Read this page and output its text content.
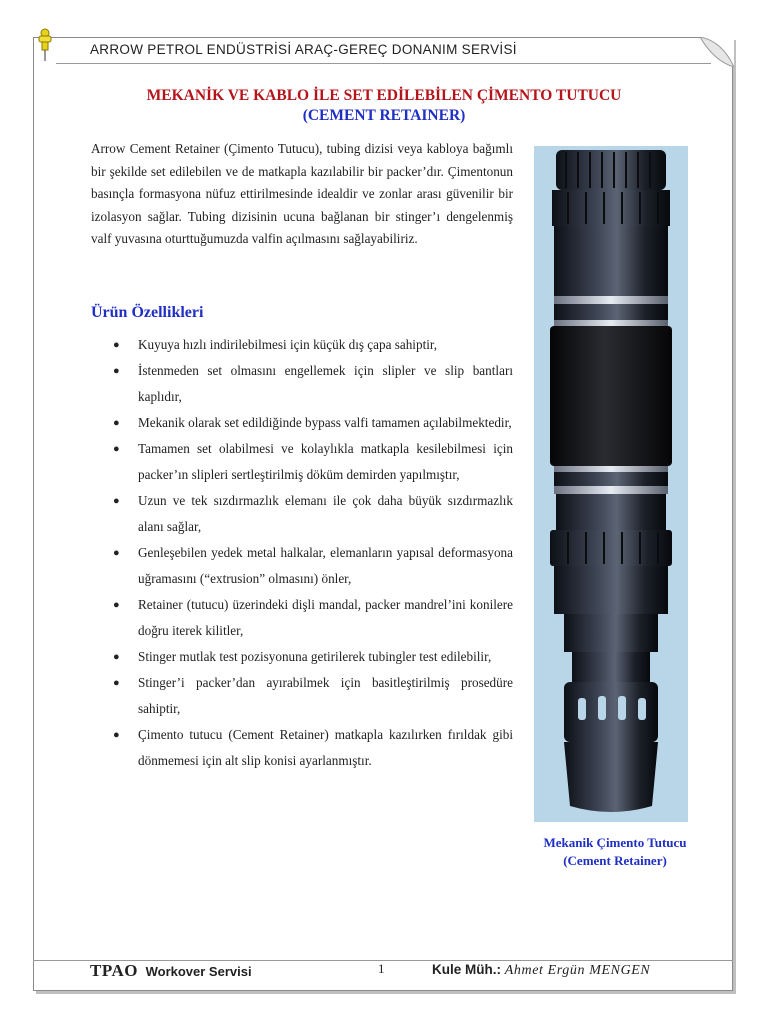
ARROW PETROL ENDÜSTRİSİ ARAÇ-GEREÇ DONANIM SERVİSİ
MEKANİK VE KABLO İLE SET EDİLEBİLEN ÇİMENTO TUTUCU
(CEMENT RETAINER)

Arrow Cement Retainer (Çimento Tutucu), tubing dizisi veya kabloya bağımlı bir şekilde set edilebilen ve de matkapla kazılabilir bir packer’dır. Çimentonun basınçla formasyona nüfuz ettirilmesinde idealdir ve zonlar arası güvenilir bir izolasyon sağlar. Tubing dizisinin ucuna bağlanan bir stinger’ı dengelenmiş valf yuvasına oturttuğumuzda valfin açılmasını sağlayabiliriz.

Ürün Özellikleri
● Kuyuya hızlı indirilebilmesi için küçük dış çapa sahiptir,
● İstenmeden set olmasını engellemek için slipler ve slip bantları kaplıdır,
● Mekanik olarak set edildiğinde bypass valfi tamamen açılabilmektedir,
● Tamamen set olabilmesi ve kolaylıkla matkapla kesilebilmesi için packer’ın slipleri sertleştirilmiş döküm demirden yapılmıştır,
● Uzun ve tek sızdırmazlık elemanı ile çok daha büyük sızdırmazlık alanı sağlar,
● Genleşebilen yedek metal halkalar, elemanların yapısal deformasyona uğramasını (“extrusion” olmasını) önler,
● Retainer (tutucu) üzerindeki dişli mandal, packer mandrel’ini konilere doğru iterek kilitler,
● Stinger mutlak test pozisyonuna getirilerek tubingler test edilebilir,
● Stinger’i packer’dan ayırabilmek için basitleştirilmiş prosedüre sahiptir,
● Çimento tutucu (Cement Retainer) matkapla kazılırken fırıldak gibi dönmemesi için alt slip konisi ayarlanmıştır.
Mekanik Çimento Tutucu
(Cement Retainer)
TPAO Workover Servisi	1	Kule Müh.: Ahmet Ergün MENGEN
